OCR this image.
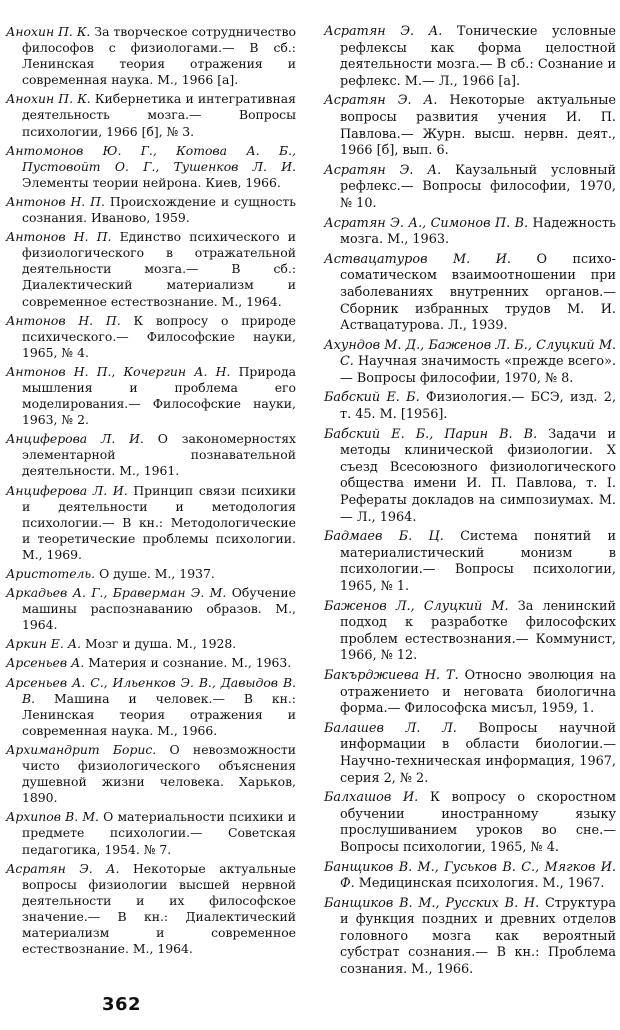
Анохин П. К. За творческое сотрудничество философов с физиологами.— В сб.: Ленинская теория отражения и современная наука. М., 1966 [а].
Анохин П. К. Кибернетика и интегративная деятельность мозга.— Вопросы психологии, 1966 [б], № 3.
Антомонов Ю. Г., Котова А. Б., Пустовойт О. Г., Тушенков Л. И. Элементы теории нейрона. Киев, 1966.
Антонов Н. П. Происхождение и сущность сознания. Иваново, 1959.
Антонов Н. П. Единство психического и физиологического в отражательной деятельности мозга.— В сб.: Диалектический материализм и современное естествознание. М., 1964.
Антонов Н. П. К вопросу о природе психического.— Философские науки, 1965, № 4.
Антонов Н. П., Кочергин А. Н. Природа мышления и проблема его моделирования.— Философские науки, 1963, № 2.
Анциферова Л. И. О закономерностях элементарной познавательной деятельности. М., 1961.
Анциферова Л. И. Принцип связи психики и деятельности и методология психологии.— В кн.: Методологические и теоретические проблемы психологии. М., 1969.
Аристотель. О душе. М., 1937.
Аркадьев А. Г., Браверман Э. М. Обучение машины распознаванию образов. М., 1964.
Аркин Е. А. Мозг и душа. М., 1928.
Арсеньев А. Материя и сознание. М., 1963.
Арсеньев А. С., Ильенков Э. В., Давыдов В. В. Машина и человек.— В кн.: Ленинская теория отражения и современная наука. М., 1966.
Архимандрит Борис. О невозможности чисто физиологического объяснения душевной жизни человека. Харьков, 1890.
Архипов В. М. О материальности психики и предмете психологии.— Советская педагогика, 1954. № 7.
Асратян Э. А. Некоторые актуальные вопросы физиологии высшей нервной деятельности и их философское значение.— В кн.: Диалектический материализм и современное естествознание. М., 1964.
Асратян Э. А. Тонические условные рефлексы как форма целостной деятельности мозга.— В сб.: Сознание и рефлекс. М.— Л., 1966 [а].
Асратян Э. А. Некоторые актуальные вопросы развития учения И. П. Павлова.— Журн. высш. нервн. деят., 1966 [б], вып. 6.
Асратян Э. А. Каузальный условный рефлекс.— Вопросы философии, 1970, № 10.
Асратян Э. А., Симонов П. В. Надежность мозга. М., 1963.
Аствацатуров М. И. О психо-соматическом взаимоотношении при заболеваниях внутренних органов.— Сборник избранных трудов М. И. Аствацатурова. Л., 1939.
Ахундов М. Д., Баженов Л. Б., Слуцкий М. С. Научная значимость «прежде всего».— Вопросы философии, 1970, № 8.
Бабский Е. Б. Физиология.— БСЭ, изд. 2, т. 45. М. [1956].
Бабский Е. Б., Парин В. В. Задачи и методы клинической физиологии. X съезд Всесоюзного физиологического общества имени И. П. Павлова, т. I. Рефераты докладов на симпозиумах. М.— Л., 1964.
Бадмаев Б. Ц. Система понятий и материалистический монизм в психологии.— Вопросы психологии, 1965, № 1.
Баженов Л., Слуцкий М. За ленинский подход к разработке философских проблем естествознания.— Коммунист, 1966, № 12.
Бакърджиева Н. Т. Относно эволюция на отражението и неговата биологична форма.— Философска мисъл, 1959, 1.
Балашев Л. Л. Вопросы научной информации в области биологии.— Научно-техническая информация, 1967, серия 2, № 2.
Балхашов И. К вопросу о скоростном обучении иностранному языку прослушиванием уроков во сне.— Вопросы психологии, 1965, № 4.
Банщиков В. М., Гуськов В. С., Мягков И. Ф. Медицинская психология. М., 1967.
Банщиков В. М., Русских В. Н. Структура и функция поздних и древних отделов головного мозга как вероятный субстрат сознания.— В кн.: Проблема сознания. М., 1966.
362
